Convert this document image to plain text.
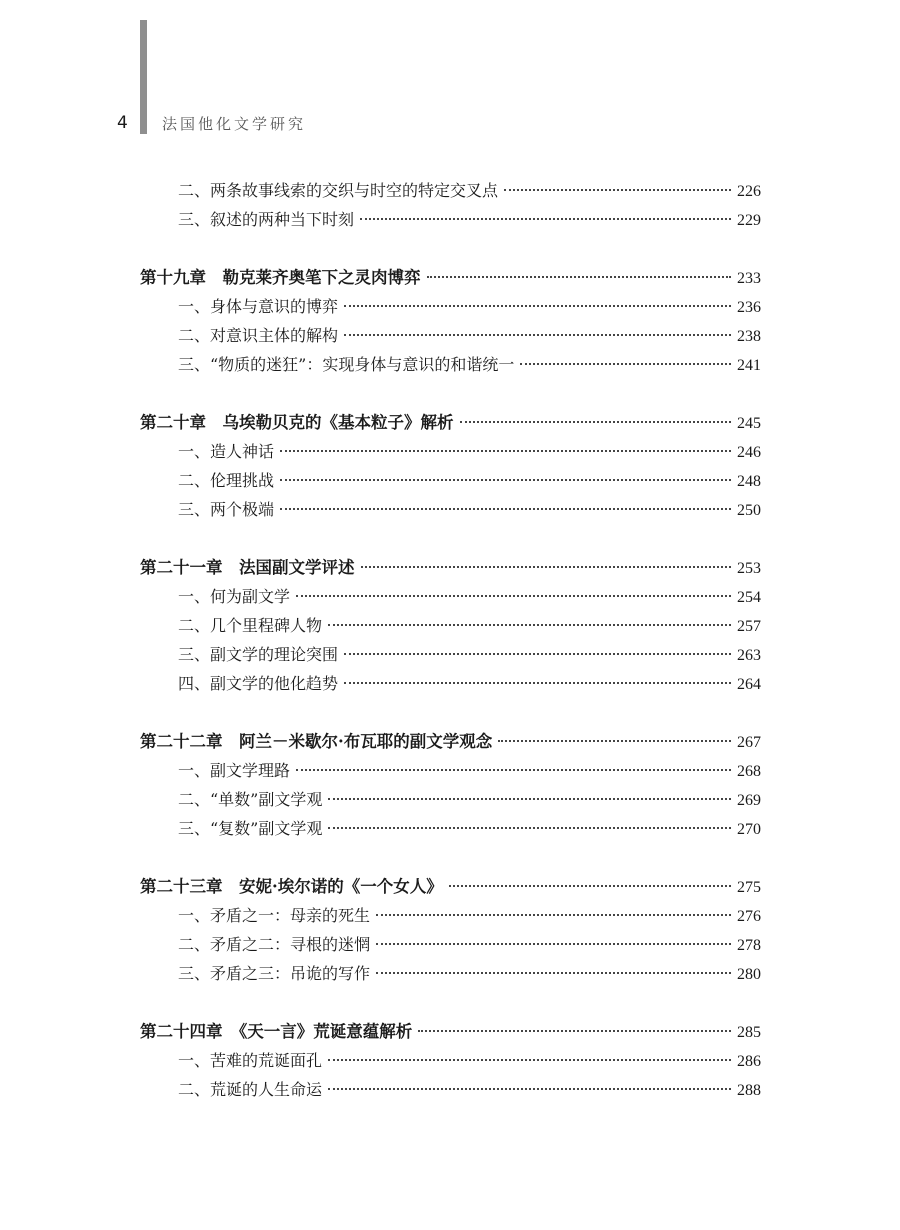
4 法国他化文学研究
二、两条故事线索的交织与时空的特定交叉点	226
三、叙述的两种当下时刻	229
第十九章　勒克莱齐奥笔下之灵肉博弈	233
一、身体与意识的博弈	236
二、对意识主体的解构	238
三、“物质的迷狂”：实现身体与意识的和谐统一	241
第二十章　乌埃勒贝克的《基本粒子》解析	245
一、造人神话	246
二、伦理挑战	248
三、两个极端	250
第二十一章　法国副文学评述	253
一、何为副文学	254
二、几个里程碑人物	257
三、副文学的理论突围	263
四、副文学的他化趋势	264
第二十二章　阿兰－米歇尔·布瓦耶的副文学观念	267
一、副文学理路	268
二、“单数”副文学观	269
三、“复数”副文学观	270
第二十三章　安妮·埃尔诺的《一个女人》	275
一、矛盾之一：母亲的死生	276
二、矛盾之二：寻根的迷惘	278
三、矛盾之三：吊诡的写作	280
第二十四章　《天一言》荒诞意蕴解析	285
一、苦难的荒诞面孔	286
二、荒诞的人生命运	288
